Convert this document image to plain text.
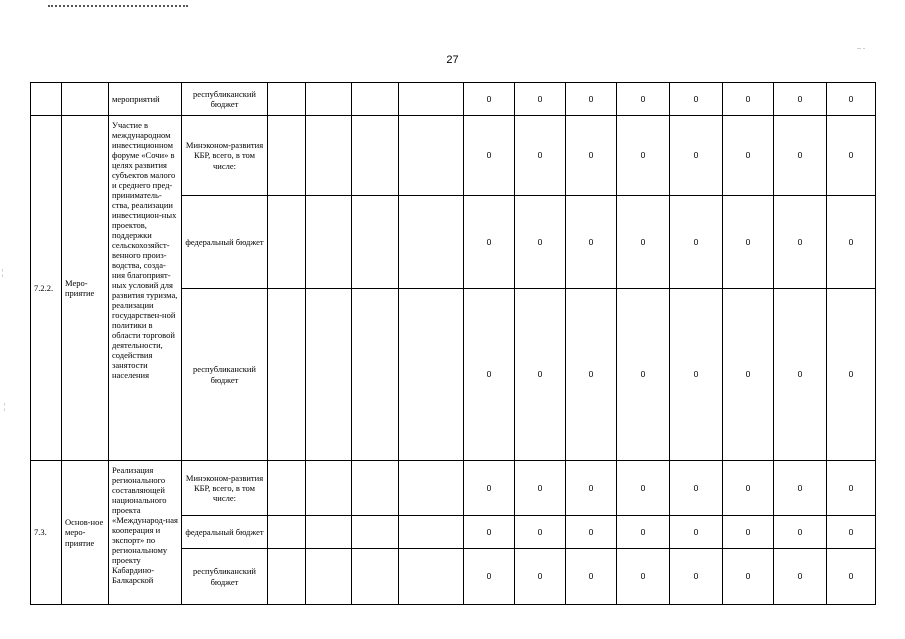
27
.. .
¦
¦
		мероприятий	республиканский бюджет					0	0	0	0	0	0	0	0
7.2.2.	Меро-приятие	Участие в международном инвестиционном форуме «Сочи» в целях развития субъектов малого и среднего пред-приниматель-ства, реализации инвестицион-ных проектов, поддержки сельскохозяйст-венного произ-водства, созда-ния благоприят-ных условий для развития туризма, реализации государствен-ной политики в области торговой деятельности, содействия занятости населения	Минэконом-развития КБР, всего, в том числе:					0	0	0	0	0	0	0	0
			федеральный бюджет					0	0	0	0	0	0	0	0
			республиканский бюджет					0	0	0	0	0	0	0	0
7.3.	Основ-ное меро-приятие	Реализация регионального составляющей национального проекта «Международ-ная кооперация и экспорт» по региональному проекту Кабардино-Балкарской	Минэконом-развития КБР, всего, в том числе:					0	0	0	0	0	0	0	0
			федеральный бюджет					0	0	0	0	0	0	0	0
			республиканский бюджет					0	0	0	0	0	0	0	0
